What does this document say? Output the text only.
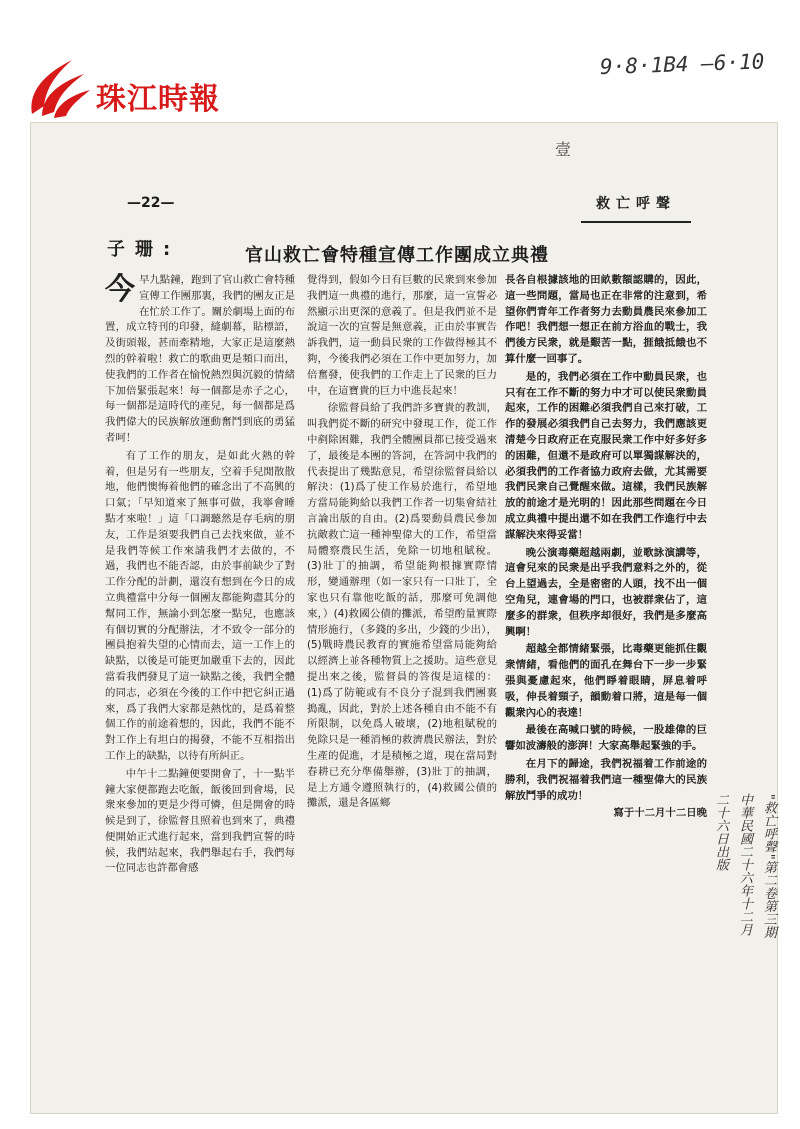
珠江時報
9·8·1B4 —6·10
壹
—22—	救亡呼聲
子珊:	官山救亡會特種宣傳工作團成立典禮

今早九點鐘，跑到了官山救亡會特種宣傳工作團那裏，我們的團友正是在忙於工作了。關於劇場上面的布置，成立特刊的印發，縫劇幕，貼標語，及街頭報，甚而牽精地，大家正是這麼熱烈的幹着啦！救亡的歌曲更是頻口而出，使我們的工作者在愉悅熱烈與沉毅的情緒下加倍緊張起來！每一個都是赤子之心，每一個都是這時代的產兒，每一個都是爲我們偉大的民族解放運動奮鬥到底的勇猛者呵！

有了工作的朋友，是如此火熱的幹着，但是另有一些朋友，空着手兒閒散散地，他們懊悔着他們的確念出了不高興的口氣；「早知道來了無事可做，我寧會睡點才來啦！」這「口調聽然是存毛病的朋友，工作是須要我們自己去找來做，並不是我們等候工作來請我們才去做的，不過，我們也不能否認，由於事前缺少了對工作分配的計劃，還沒有想到在今日的成立典禮當中分每一個團友都能夠盡其分的幫同工作，無論小到怎麼一點兒，也應該有個切實的分配辦法，才不致令一部分的團員抱着失望的心情而去，這一工作上的缺點，以後是可能更加嚴重下去的，因此當看我們發見了這一缺點之後，我們全體的同志，必須在今後的工作中把它糾正過來，爲了我們大家都是熱忱的，是爲着整個工作的前途着想的，因此，我們不能不對工作上有坦白的揭發，不能不互相指出工作上的缺點，以待有所糾正。

中午十二點鐘便要開會了，十一點半鐘大家便都跑去吃飯，飯後回到會場，民衆來參加的更是少得可憐，但是開會的時候是到了，徐監督且照着也到來了，典禮便開始正式進行起來，當到我們宣誓的時候，我們站起來，我們舉起右手，我們每一位同志也許都會感

覺得到，假如今日有巨數的民衆到來參加我們這一典禮的進行，那麼，這一宣誓必然顯示出更深的意義了。但是我們並不是說這一次的宣誓是無意義，正由於事實告訴我們，這一動員民衆的工作做得極其不夠，今後我們必須在工作中更加努力，加倍奮發，使我們的工作走上了民衆的巨力中，在這寶貴的巨力中進長起來！

徐監督員給了我們許多寶貴的教訓，叫我們從不斷的研究中發現工作，從工作中剷除困難，我們全體團員都已接受過來了，最後是本團的答詞，在答詞中我們的代表提出了幾點意見，希望徐監督員給以解決：(1)爲了使工作易於進行，希望地方當局能夠給以我們工作者一切集會結社言論出版的自由。(2)爲要動員農民參加抗敵救亡這一種神聖偉大的工作，希望當局體察農民生活，免除一切地租賦稅。(3)壯丁的抽調，希望能夠根據實際情形，變通辦理（如一家只有一口壯丁，全家也只有靠他吃飯的話，那麼可免調他來，）(4)救國公債的攤派，希望酌量實際情形施行，（多錢的多出，少錢的少出），(5)戰時農民教育的實施希望當局能夠給以經濟上並各種物質上之援助。這些意見提出來之後，監督員的答復是這樣的：(1)爲了防範或有不良分子混到我們團裏搗亂，因此，對於上述各種自由不能不有所限制，以免爲人破壞，(2)地租賦稅的免除只是一種消極的救濟農民辦法，對於生產的促進，才是積極之道，現在當局對春耕已充分準備舉辦，(3)壯丁的抽調，是上方通令遵照執行的，(4)救國公債的攤派，還是各區鄉

長各自根據該地的田畝數額認購的，因此，這一些問題，當局也正在非常的注意到，希望你們青年工作者努力去動員農民來參加工作吧！我們想一想正在前方浴血的戰士，我們後方民衆，就是艱苦一點，捱餓抵餓也不算什麼一回事了。

是的，我們必須在工作中動員民衆，也只有在工作不斷的努力中才可以使民衆動員起來，工作的困難必須我們自己來打破，工作的發展必須我們自己去努力，我們應該更清楚今日政府正在克服民衆工作中好多好多的困難，但還不是政府可以單獨謀解決的，必須我們的工作者協力政府去做，尤其需要我們民衆自己覺醒來做。這樣，我們民族解放的前途才是光明的！因此那些問題在今日成立典禮中提出還不如在我們工作進行中去謀解決來得妥當！

晚公演毒藥超越兩劇，並歌詠演講等，這會兒來的民衆是出乎我們意料之外的，從台上望過去，全是密密的人頭，找不出一個空角兒，連會場的門口，也被群衆佔了，這麼多的群衆，但秩序却很好，我們是多麼高興啊！

超越全都情緒緊張，比毒藥更能抓住觀衆情緒，看他們的面孔在舞台下一步一步緊張與憂慮起來，他們睜着眼睛，屏息着呼吸，伸長着頸子，韻動着口將，這是每一個觀衆內心的表達！

最後在高喊口號的時候，一股雄偉的巨響如波濤般的澎湃！大家高舉起緊強的手。

在月下的歸途，我們祝福着工作前途的勝利，我們祝福着我們這一種聖偉大的民族解放鬥爭的成功！

寫于十二月十二日晚	"救亡呼聲"第二卷第三期
中華民國二十六年十二月
二十六日出版
